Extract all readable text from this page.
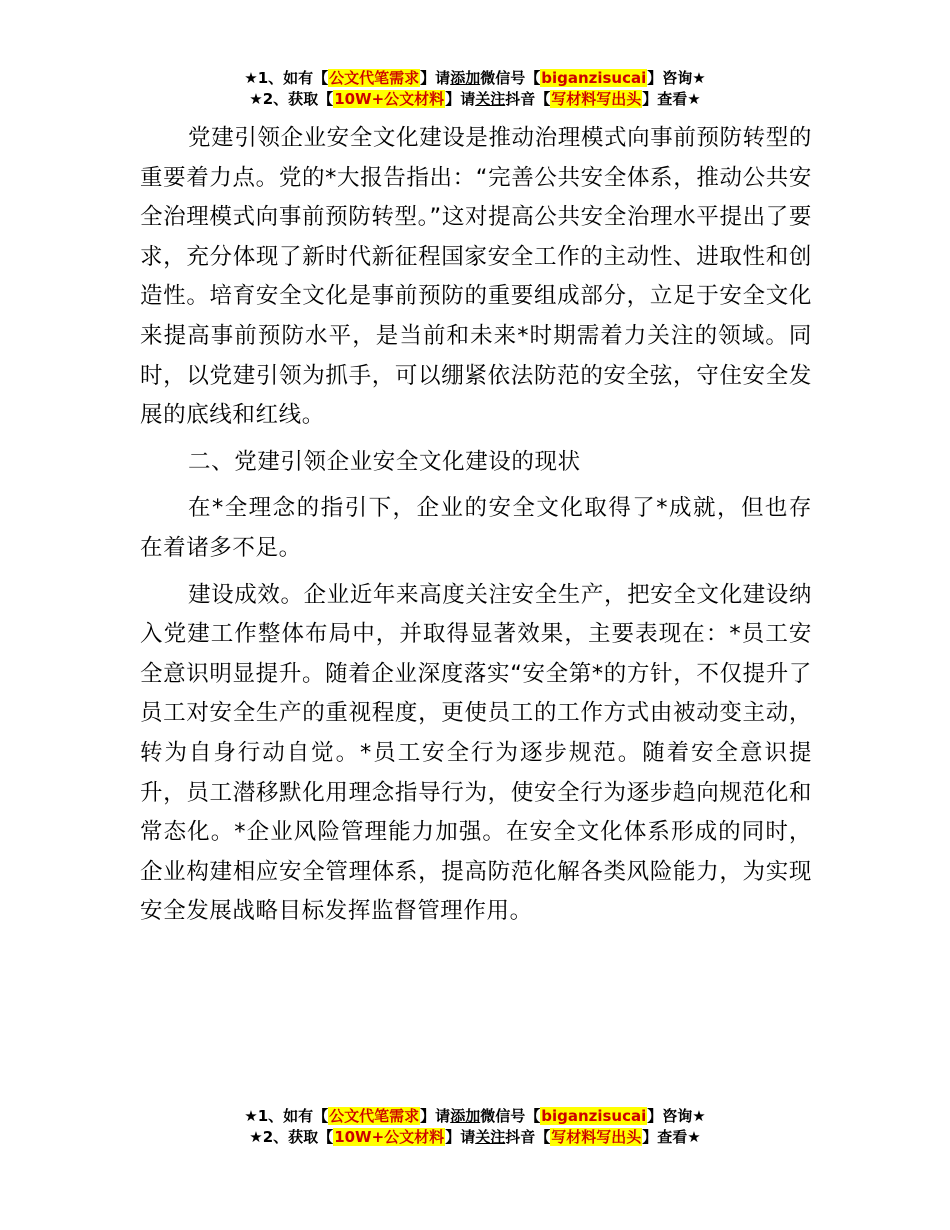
★1、如有【公文代笔需求】请添加微信号【biganzisucai】咨询★
★2、获取【10W+公文材料】请关注抖音【写材料写出头】查看★

党建引领企业安全文化建设是推动治理模式向事前预防转型的重要着力点。党的*大报告指出：“完善公共安全体系，推动公共安全治理模式向事前预防转型。”这对提高公共安全治理水平提出了要求，充分体现了新时代新征程国家安全工作的主动性、进取性和创造性。培育安全文化是事前预防的重要组成部分，立足于安全文化来提高事前预防水平，是当前和未来*时期需着力关注的领域。同时，以党建引领为抓手，可以绷紧依法防范的安全弦，守住安全发展的底线和红线。

二、党建引领企业安全文化建设的现状

在*全理念的指引下，企业的安全文化取得了*成就，但也存在着诸多不足。

建设成效。企业近年来高度关注安全生产，把安全文化建设纳入党建工作整体布局中，并取得显著效果，主要表现在：*员工安全意识明显提升。随着企业深度落实“安全第*的方针，不仅提升了员工对安全生产的重视程度，更使员工的工作方式由被动变主动，转为自身行动自觉。*员工安全行为逐步规范。随着安全意识提升，员工潜移默化用理念指导行为，使安全行为逐步趋向规范化和常态化。*企业风险管理能力加强。在安全文化体系形成的同时，企业构建相应安全管理体系，提高防范化解各类风险能力，为实现安全发展战略目标发挥监督管理作用。

★1、如有【公文代笔需求】请添加微信号【biganzisucai】咨询★
★2、获取【10W+公文材料】请关注抖音【写材料写出头】查看★
